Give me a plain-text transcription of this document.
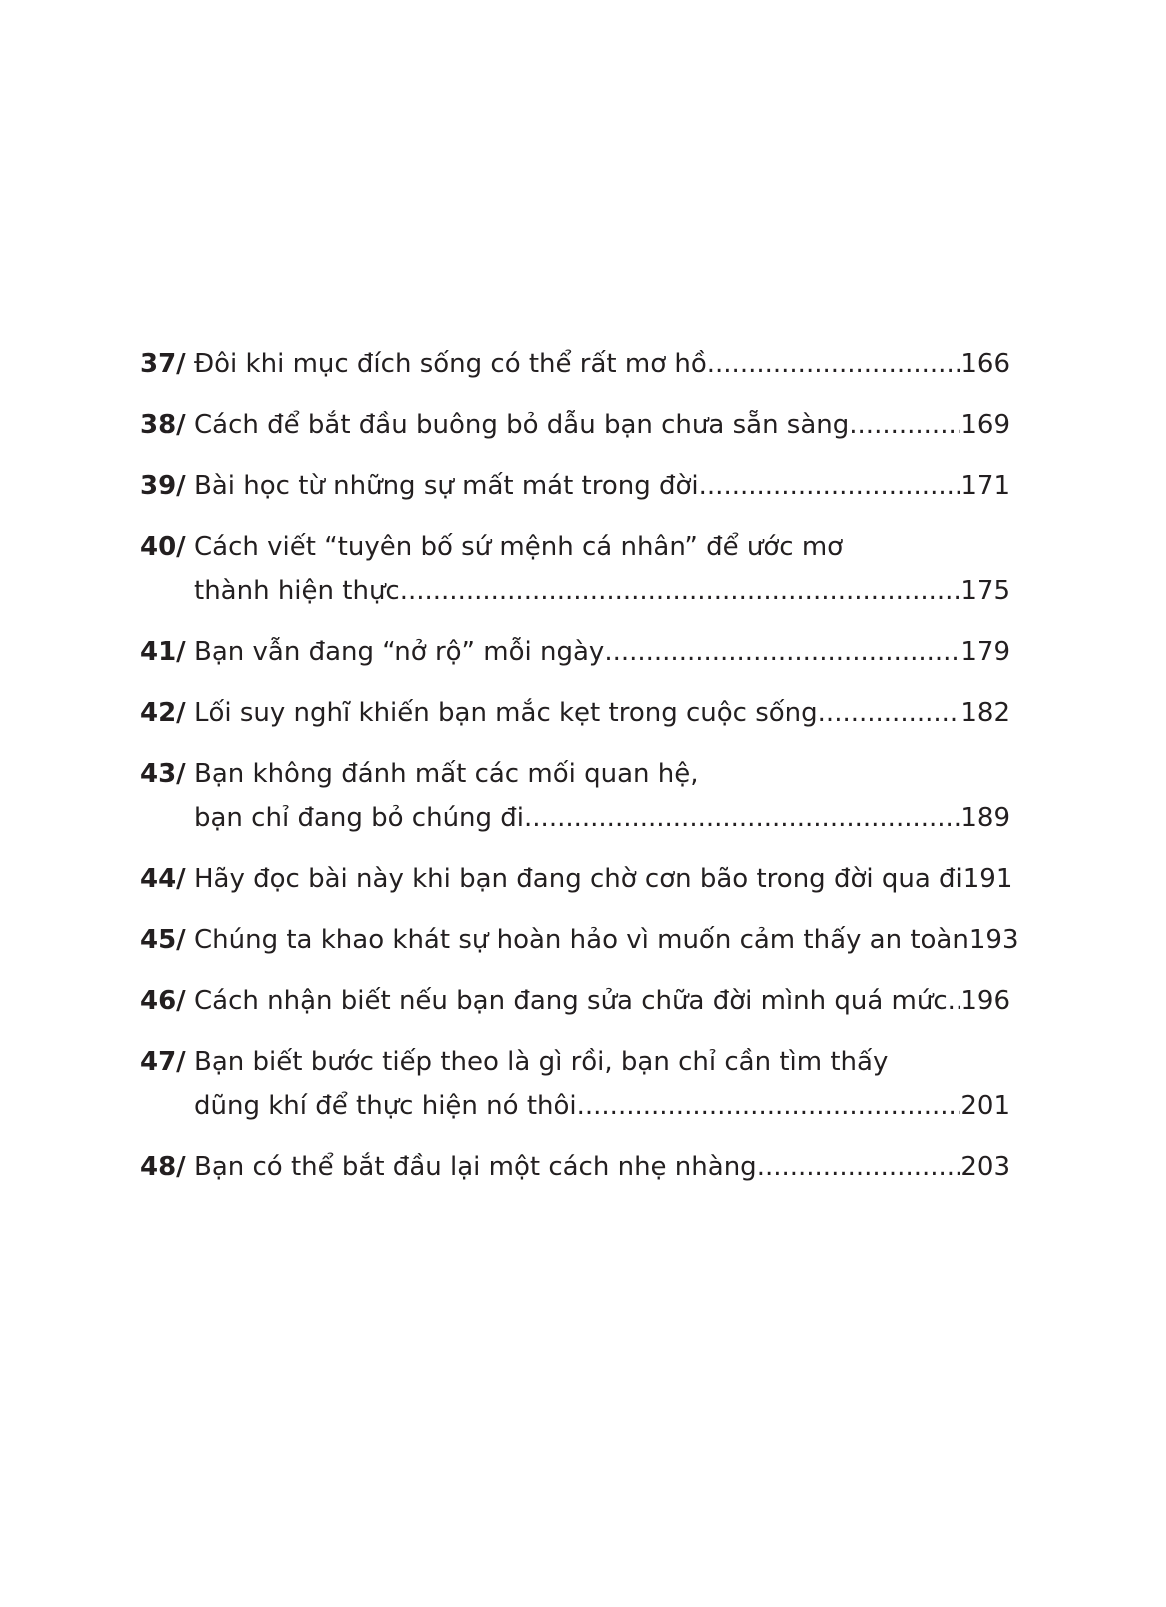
37/ Đôi khi mục đích sống có thể rất mơ hồ .....	166
38/ Cách để bắt đầu buông bỏ dẫu bạn chưa sẵn sàng .....	169
39/ Bài học từ những sự mất mát trong đời .....	171
40/ Cách viết “tuyên bố sứ mệnh cá nhân” để ước mơ
thành hiện thực .....	175
41/ Bạn vẫn đang “nở rộ” mỗi ngày .....	179
42/ Lối suy nghĩ khiến bạn mắc kẹt trong cuộc sống .....	182
43/ Bạn không đánh mất các mối quan hệ,
bạn chỉ đang bỏ chúng đi .....	189
44/ Hãy đọc bài này khi bạn đang chờ cơn bão trong đời qua đi 191
45/ Chúng ta khao khát sự hoàn hảo vì muốn cảm thấy an toàn 193
46/ Cách nhận biết nếu bạn đang sửa chữa đời mình quá mức ..... 196
47/ Bạn biết bước tiếp theo là gì rồi, bạn chỉ cần tìm thấy
dũng khí để thực hiện nó thôi .....	201
48/ Bạn có thể bắt đầu lại một cách nhẹ nhàng .....	203
